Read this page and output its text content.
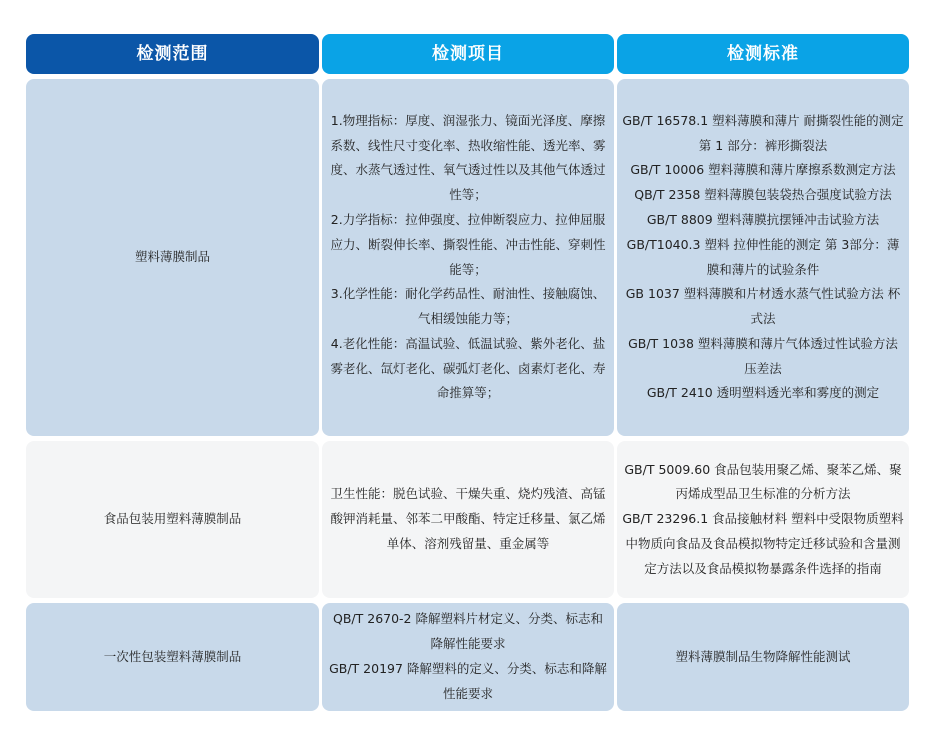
检测范围	检测项目	检测标准
塑料薄膜制品
1.物理指标：厚度、润湿张力、镜面光泽度、摩擦系数、线性尺寸变化率、热收缩性能、透光率、雾度、水蒸气透过性、氧气透过性以及其他气体透过性等；
2.力学指标：拉伸强度、拉伸断裂应力、拉伸屈服应力、断裂伸长率、撕裂性能、冲击性能、穿刺性能等；
3.化学性能：耐化学药品性、耐油性、接触腐蚀、气相缓蚀能力等；
4.老化性能：高温试验、低温试验、紫外老化、盐雾老化、氙灯老化、碳弧灯老化、卤素灯老化、寿命推算等；
GB/T 16578.1 塑料薄膜和薄片 耐撕裂性能的测定 第 1 部分：裤形撕裂法
GB/T 10006 塑料薄膜和薄片摩擦系数测定方法
QB/T 2358 塑料薄膜包装袋热合强度试验方法
GB/T 8809 塑料薄膜抗摆锤冲击试验方法
GB/T1040.3 塑料 拉伸性能的测定 第 3部分：薄膜和薄片的试验条件
GB 1037 塑料薄膜和片材透水蒸气性试验方法 杯式法
GB/T 1038 塑料薄膜和薄片气体透过性试验方法 压差法
GB/T 2410 透明塑料透光率和雾度的测定
食品包装用塑料薄膜制品
卫生性能：脱色试验、干燥失重、烧灼残渣、高锰酸钾消耗量、邻苯二甲酸酯、特定迁移量、氯乙烯单体、溶剂残留量、重金属等
GB/T 5009.60 食品包装用聚乙烯、聚苯乙烯、聚丙烯成型品卫生标准的分析方法
GB/T 23296.1 食品接触材料 塑料中受限物质塑料中物质向食品及食品模拟物特定迁移试验和含量测定方法以及食品模拟物暴露条件选择的指南
一次性包装塑料薄膜制品
QB/T 2670-2 降解塑料片材定义、分类、标志和降解性能要求
GB/T 20197 降解塑料的定义、分类、标志和降解性能要求
塑料薄膜制品生物降解性能测试
